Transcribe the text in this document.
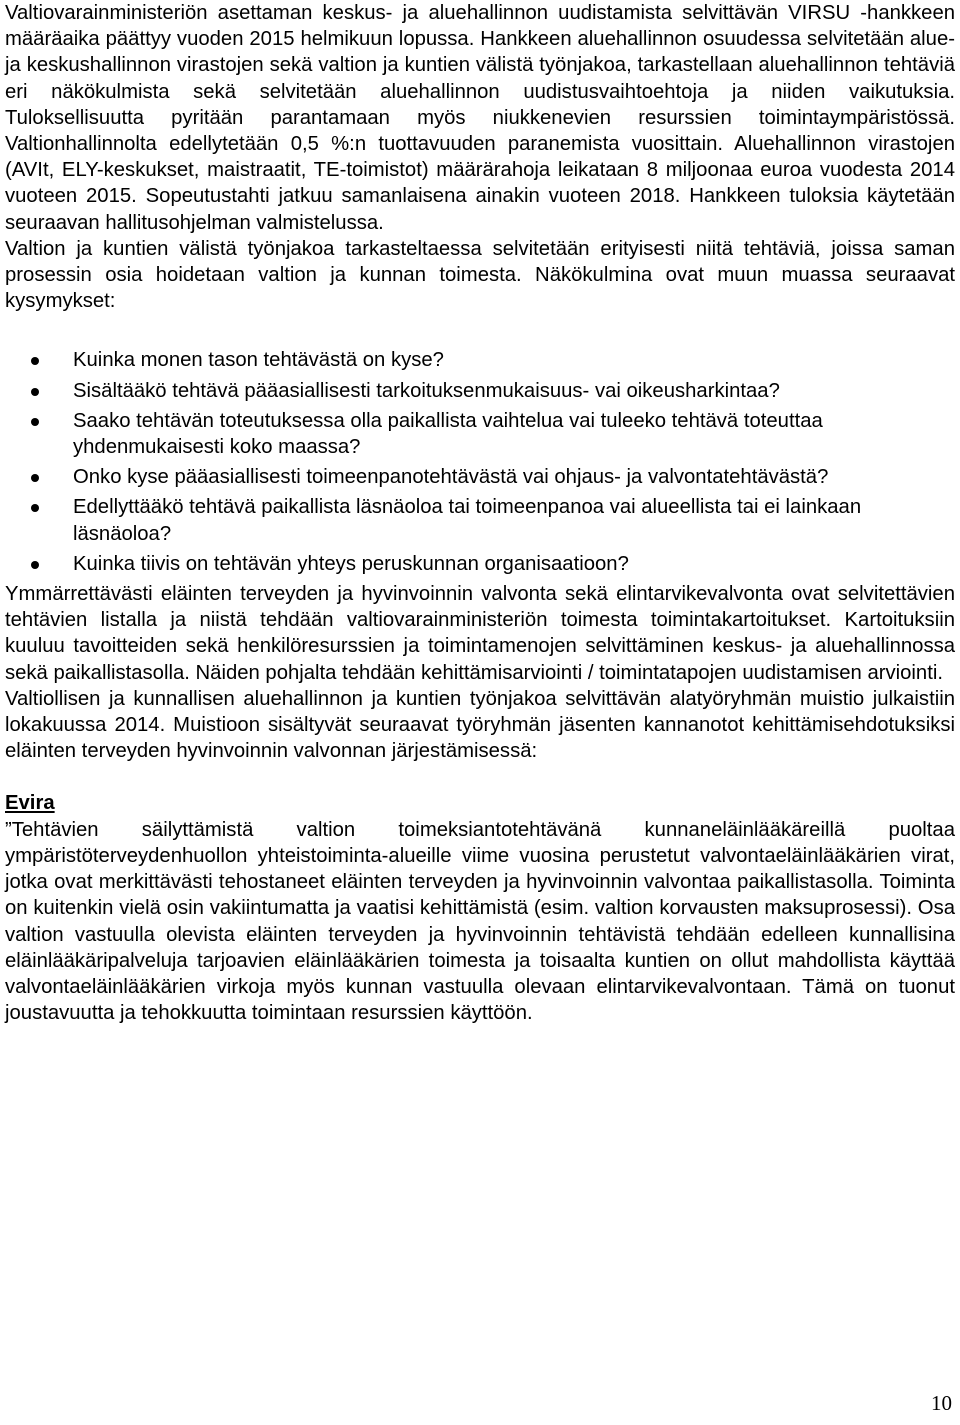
Valtiovarainministeriön asettaman keskus- ja aluehallinnon uudistamista selvittävän VIRSU -hankkeen määräaika päättyy vuoden 2015 helmikuun lopussa. Hankkeen aluehallinnon osuudessa selvitetään alue- ja keskushallinnon virastojen sekä valtion ja kuntien välistä työnjakoa, tarkastellaan aluehallinnon tehtäviä eri näkökulmista sekä selvitetään aluehallinnon uudistusvaihtoehtoja ja niiden vaikutuksia. Tuloksellisuutta pyritään parantamaan myös niukkenevien resurssien toimintaympäristössä. Valtionhallinnolta edellytetään 0,5 %:n tuottavuuden paranemista vuosittain. Aluehallinnon virastojen (AVIt, ELY-keskukset, maistraatit, TE-toimistot) määrärahoja leikataan 8 miljoonaa euroa vuodesta 2014 vuoteen 2015. Sopeutustahti jatkuu samanlaisena ainakin vuoteen 2018. Hankkeen tuloksia käytetään seuraavan hallitusohjelman valmistelussa.

Valtion ja kuntien välistä työnjakoa tarkasteltaessa selvitetään erityisesti niitä tehtäviä, joissa saman prosessin osia hoidetaan valtion ja kunnan toimesta. Näkökulmina ovat muun muassa seuraavat kysymykset:

Kuinka monen tason tehtävästä on kyse?
Sisältääkö tehtävä pääasiallisesti tarkoituksenmukaisuus- vai oikeusharkintaa?
Saako tehtävän toteutuksessa olla paikallista vaihtelua vai tuleeko tehtävä toteuttaa yhdenmukaisesti koko maassa?
Onko kyse pääasiallisesti toimeenpanotehtävästä vai ohjaus- ja valvontatehtävästä?
Edellyttääkö tehtävä paikallista läsnäoloa tai toimeenpanoa vai alueellista tai ei lainkaan läsnäoloa?
Kuinka tiivis on tehtävän yhteys peruskunnan organisaatioon?

Ymmärrettävästi eläinten terveyden ja hyvinvoinnin valvonta sekä elintarvikevalvonta ovat selvitettävien tehtävien listalla ja niistä tehdään valtiovarainministeriön toimesta toimintakartoitukset. Kartoituksiin kuuluu tavoitteiden sekä henkilöresurssien ja toimintamenojen selvittäminen keskus- ja aluehallinnossa sekä paikallistasolla. Näiden pohjalta tehdään kehittämisarviointi / toimintatapojen uudistamisen arviointi.

Valtiollisen ja kunnallisen aluehallinnon ja kuntien työnjakoa selvittävän alatyöryhmän muistio julkaistiin lokakuussa 2014. Muistioon sisältyvät seuraavat työryhmän jäsenten kannanotot kehittämisehdotuksiksi eläinten terveyden hyvinvoinnin valvonnan järjestämisessä:

Evira

”Tehtävien säilyttämistä valtion toimeksiantotehtävänä kunnaneläinlääkäreillä puoltaa ympäristöterveydenhuollon yhteistoiminta-alueille viime vuosina perustetut valvontaeläinlääkärien virat, jotka ovat merkittävästi tehostaneet eläinten terveyden ja hyvinvoinnin valvontaa paikallistasolla. Toiminta on kuitenkin vielä osin vakiintumatta ja vaatisi kehittämistä (esim. valtion korvausten maksuprosessi). Osa valtion vastuulla olevista eläinten terveyden ja hyvinvoinnin tehtävistä tehdään edelleen kunnallisina eläinlääkäripalveluja tarjoavien eläinlääkärien toimesta ja toisaalta kuntien on ollut mahdollista käyttää valvontaeläinlääkärien virkoja myös kunnan vastuulla olevaan elintarvikevalvontaan. Tämä on tuonut joustavuutta ja tehokkuutta toimintaan resurssien käyttöön.

10
